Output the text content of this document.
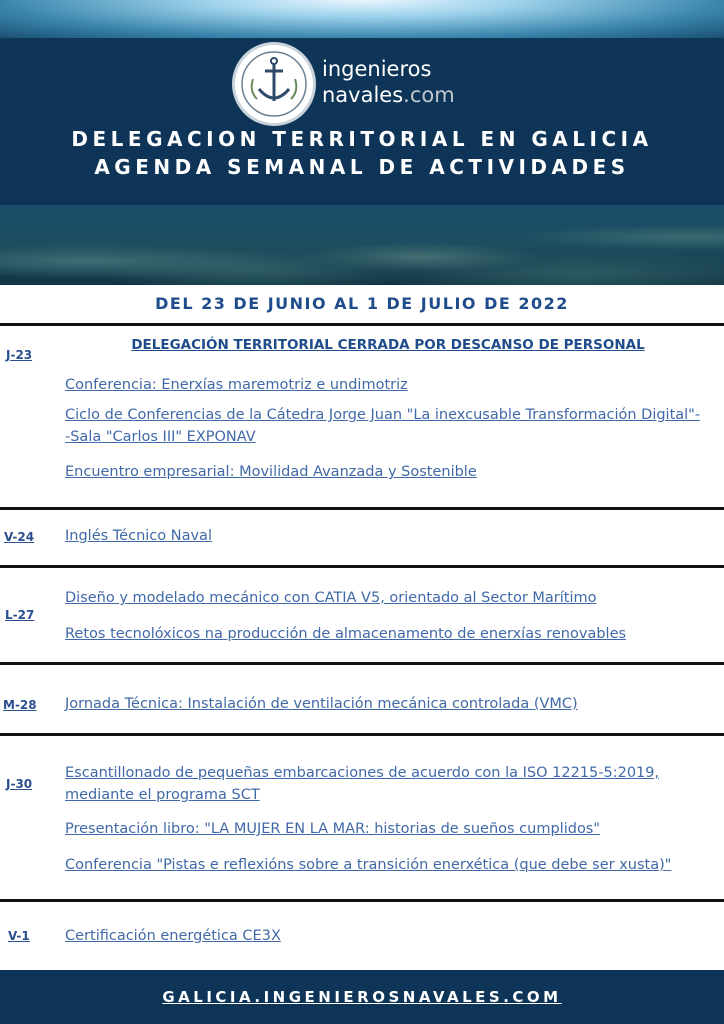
ingenieros
navales.com
DELEGACION TERRITORIAL EN GALICIA
AGENDA SEMANAL DE ACTIVIDADES
DEL 23 DE JUNIO AL 1 DE JULIO DE 2022
J-23
DELEGACIÓN TERRITORIAL CERRADA POR DESCANSO DE PERSONAL
Conferencia: Enerxías maremotriz e undimotriz
Ciclo de Conferencias de la Cátedra Jorge Juan "La inexcusable Transformación Digital"- -Sala "Carlos III" EXPONAV
Encuentro empresarial: Movilidad Avanzada y Sostenible
V-24 Inglés Técnico Naval
L-27
Diseño y modelado mecánico con CATIA V5, orientado al Sector Marítimo
Retos tecnolóxicos na producción de almacenamento de enerxías renovables
M-28 Jornada Técnica: Instalación de ventilación mecánica controlada (VMC)
J-30
Escantillonado de pequeñas embarcaciones de acuerdo con la ISO 12215-5:2019, mediante el programa SCT
Presentación libro: "LA MUJER EN LA MAR: historias de sueños cumplidos"
Conferencia "Pistas e reflexións sobre a transición enerxética (que debe ser xusta)"
V-1 Certificación energética CE3X
GALICIA.INGENIEROSNAVALES.COM
